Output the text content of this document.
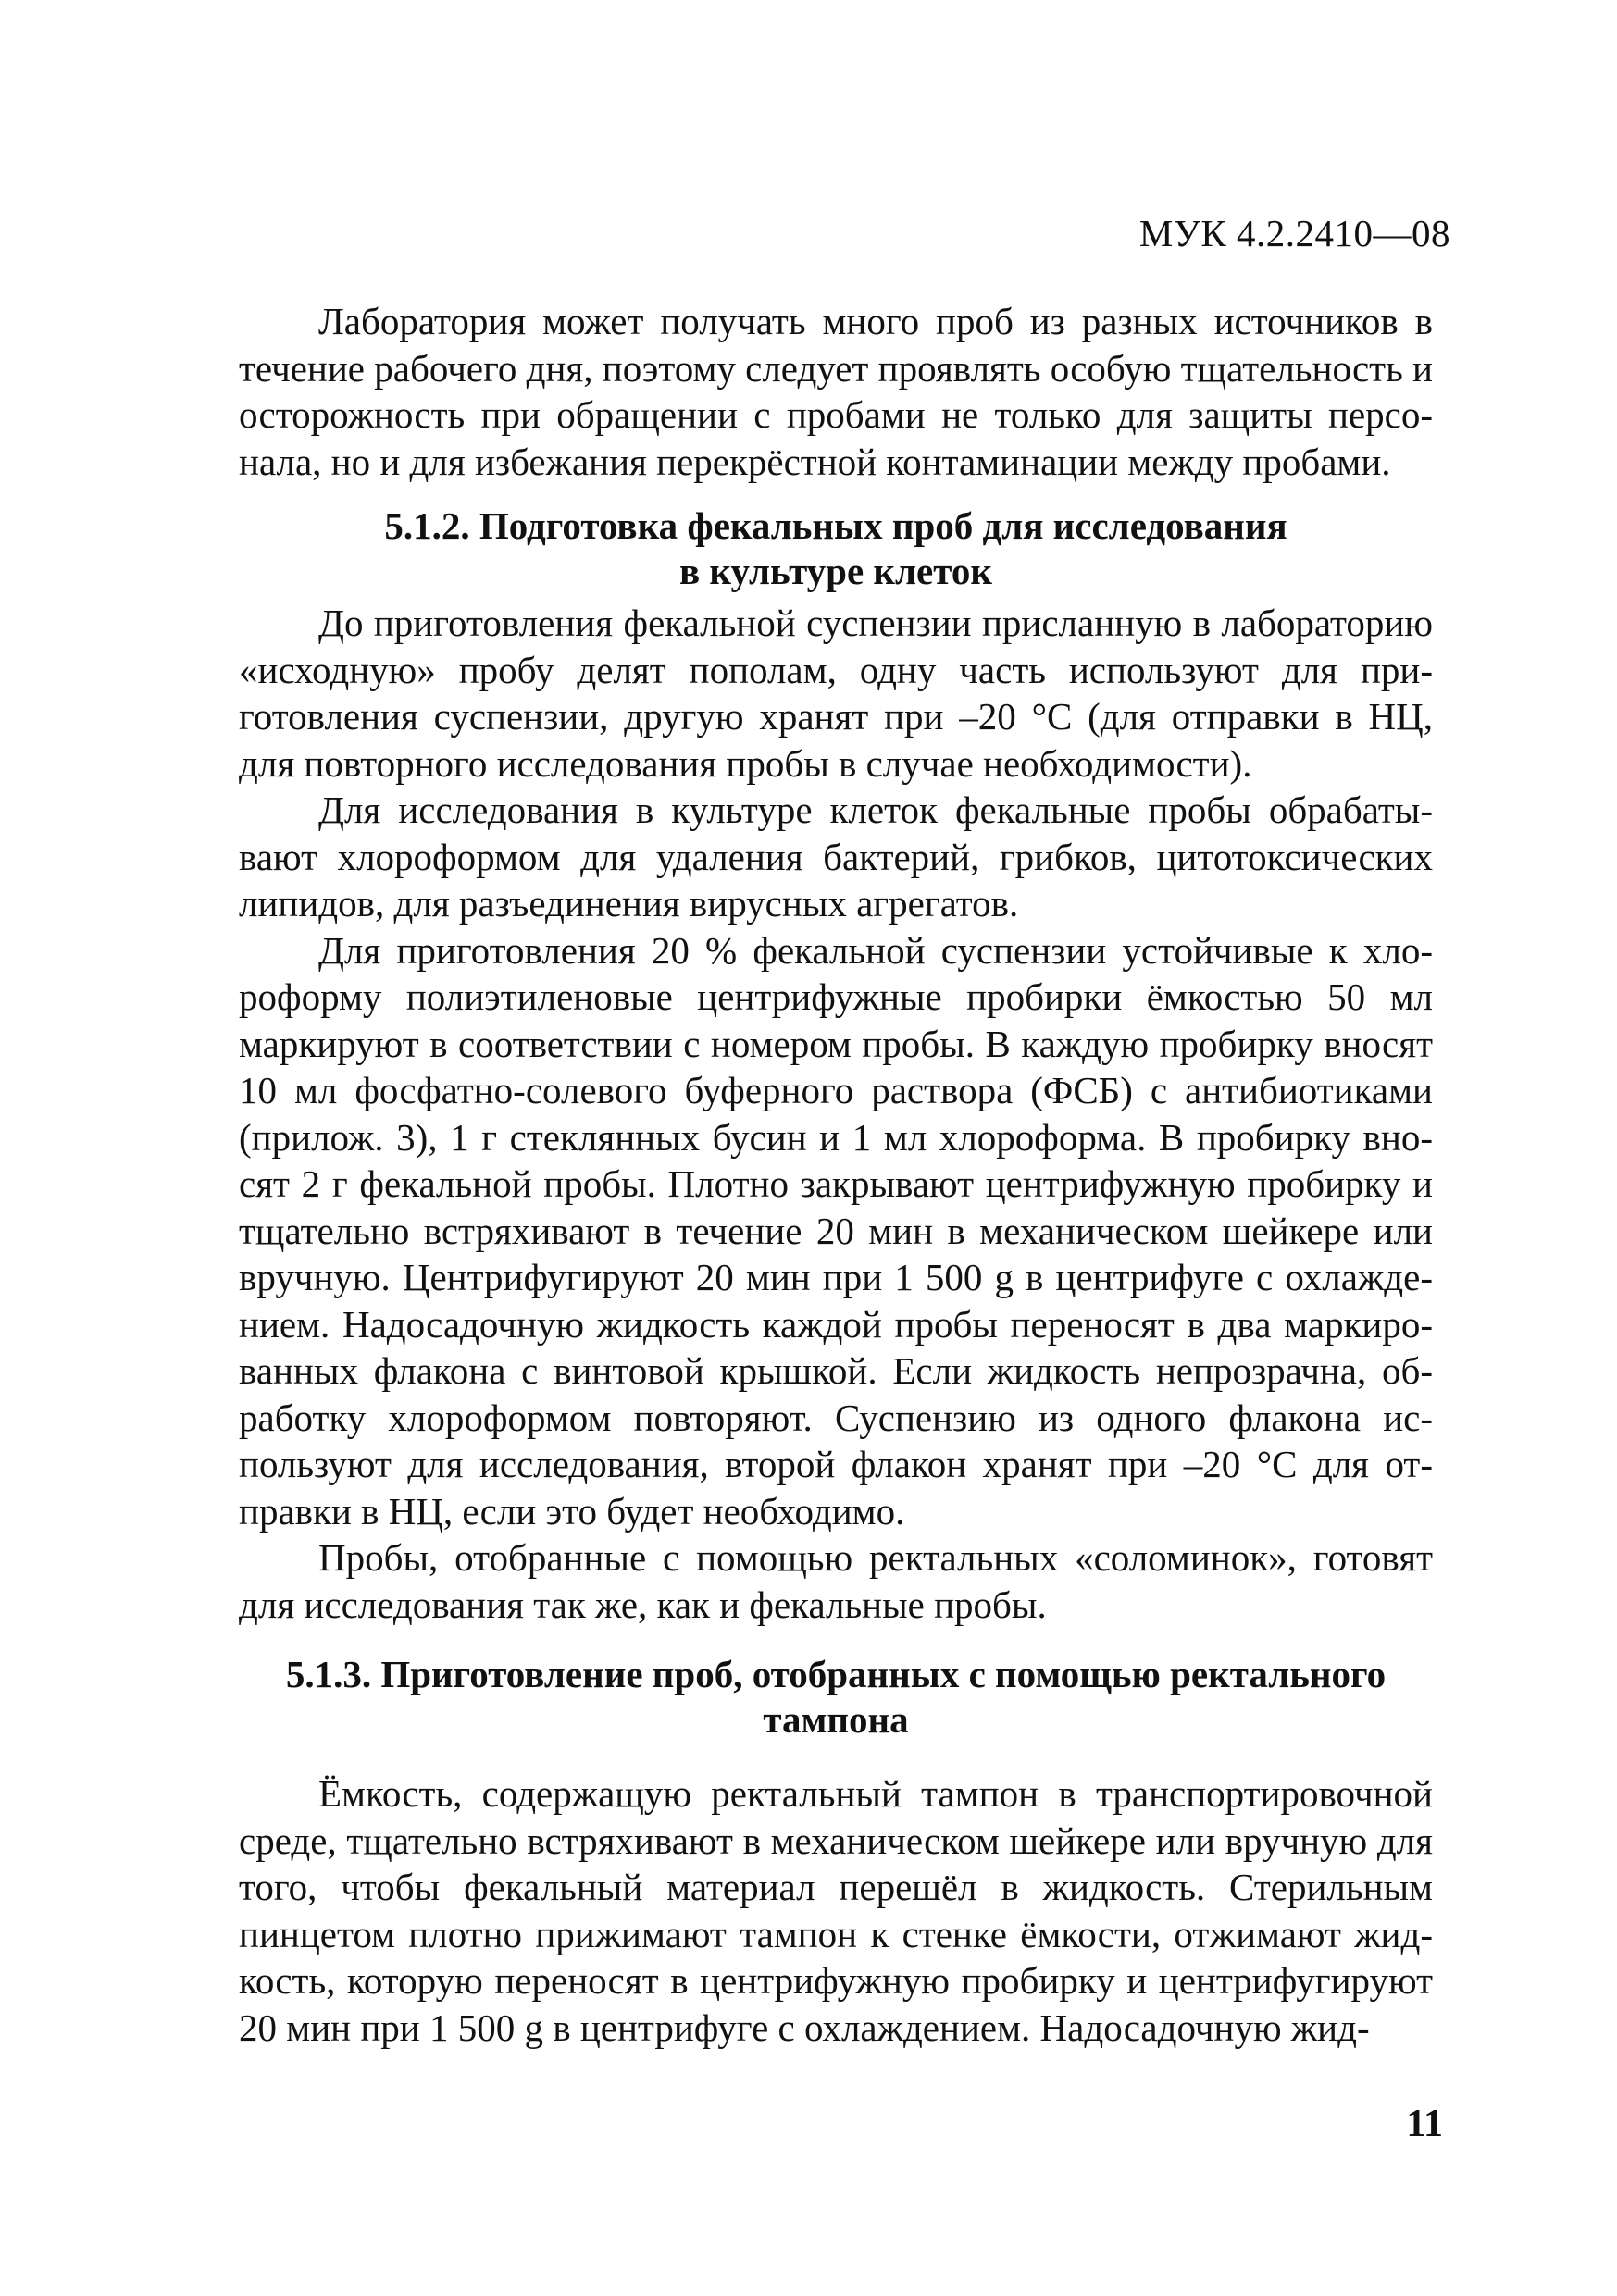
МУК 4.2.2410—08

Лаборатория может получать много проб из разных источников в течение рабочего дня, поэтому следует проявлять особую тщательность и осторожность при обращении с пробами не только для защиты персонала, но и для избежания перекрёстной контаминации между пробами.

5.1.2. Подготовка фекальных проб для исследования
в культуре клеток

До приготовления фекальной суспензии присланную в лабораторию «исходную» пробу делят пополам, одну часть используют для приготовления суспензии, другую хранят при –20 °С (для отправки в НЦ, для повторного исследования пробы в случае необходимости).

Для исследования в культуре клеток фекальные пробы обрабатывают хлороформом для удаления бактерий, грибков, цитотоксических липидов, для разъединения вирусных агрегатов.

Для приготовления 20 % фекальной суспензии устойчивые к хлороформу полиэтиленовые центрифужные пробирки ёмкостью 50 мл маркируют в соответствии с номером пробы. В каждую пробирку вносят 10 мл фосфатно-солевого буферного раствора (ФСБ) с антибиотиками (прилож. 3), 1 г стеклянных бусин и 1 мл хлороформа. В пробирку вносят 2 г фекальной пробы. Плотно закрывают центрифужную пробирку и тщательно встряхивают в течение 20 мин в механическом шейкере или вручную. Центрифугируют 20 мин при 1 500 g в центрифуге с охлаждением. Надосадочную жидкость каждой пробы переносят в два маркированных флакона с винтовой крышкой. Если жидкость непрозрачна, обработку хлороформом повторяют. Суспензию из одного флакона используют для исследования, второй флакон хранят при –20 °С для отправки в НЦ, если это будет необходимо.

Пробы, отобранные с помощью ректальных «соломинок», готовят для исследования так же, как и фекальные пробы.

5.1.3. Приготовление проб, отобранных с помощью ректального
тампона

Ёмкость, содержащую ректальный тампон в транспортировочной среде, тщательно встряхивают в механическом шейкере или вручную для того, чтобы фекальный материал перешёл в жидкость. Стерильным пинцетом плотно прижимают тампон к стенке ёмкости, отжимают жидкость, которую переносят в центрифужную пробирку и центрифугируют 20 мин при 1 500 g в центрифуге с охлаждением. Надосадочную жид-

11
